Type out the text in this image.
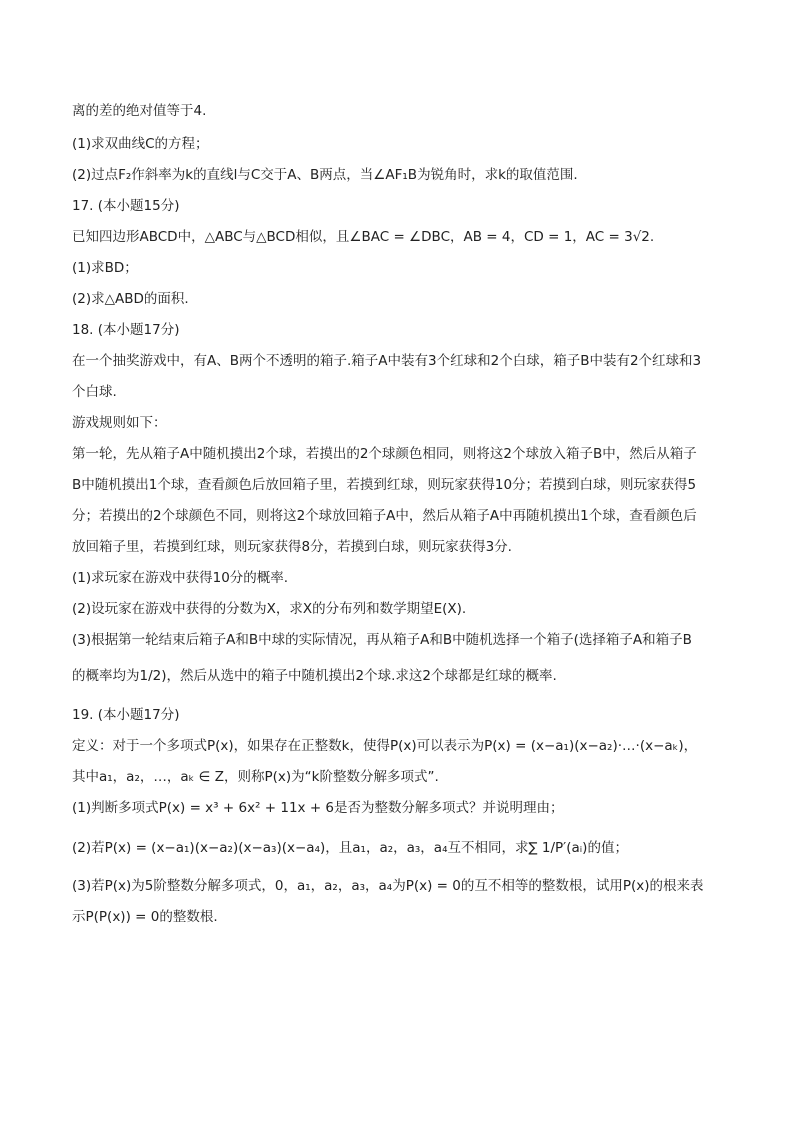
离的差的绝对值等于4.
(1)求双曲线C的方程；
(2)过点F₂作斜率为k的直线l与C交于A、B两点，当∠AF₁B为锐角时，求k的取值范围.
17. (本小题15分)
已知四边形ABCD中，△ABC与△BCD相似，且∠BAC = ∠DBC，AB = 4，CD = 1，AC = 3√2.
(1)求BD；
(2)求△ABD的面积.
18. (本小题17分)
在一个抽奖游戏中，有A、B两个不透明的箱子.箱子A中装有3个红球和2个白球，箱子B中装有2个红球和3
个白球.
游戏规则如下：
第一轮，先从箱子A中随机摸出2个球，若摸出的2个球颜色相同，则将这2个球放入箱子B中，然后从箱子
B中随机摸出1个球，查看颜色后放回箱子里，若摸到红球，则玩家获得10分；若摸到白球，则玩家获得5
分；若摸出的2个球颜色不同，则将这2个球放回箱子A中，然后从箱子A中再随机摸出1个球，查看颜色后
放回箱子里，若摸到红球，则玩家获得8分，若摸到白球，则玩家获得3分.
(1)求玩家在游戏中获得10分的概率.
(2)设玩家在游戏中获得的分数为X，求X的分布列和数学期望E(X).
(3)根据第一轮结束后箱子A和B中球的实际情况，再从箱子A和B中随机选择一个箱子(选择箱子A和箱子B
的概率均为1/2)，然后从选中的箱子中随机摸出2个球.求这2个球都是红球的概率.
19. (本小题17分)
定义：对于一个多项式P(x)，如果存在正整数k，使得P(x)可以表示为P(x) = (x−a₁)(x−a₂)·…·(x−aₖ)，
其中a₁，a₂，…，aₖ ∈ Z，则称P(x)为“k阶整数分解多项式”.
(1)判断多项式P(x) = x³ + 6x² + 11x + 6是否为整数分解多项式？并说明理由；
(2)若P(x) = (x−a₁)(x−a₂)(x−a₃)(x−a₄)，且a₁，a₂，a₃，a₄互不相同，求∑ 1/P′(aᵢ)的值；
(3)若P(x)为5阶整数分解多项式，0，a₁，a₂，a₃，a₄为P(x) = 0的互不相等的整数根，试用P(x)的根来表
示P(P(x)) = 0的整数根.
